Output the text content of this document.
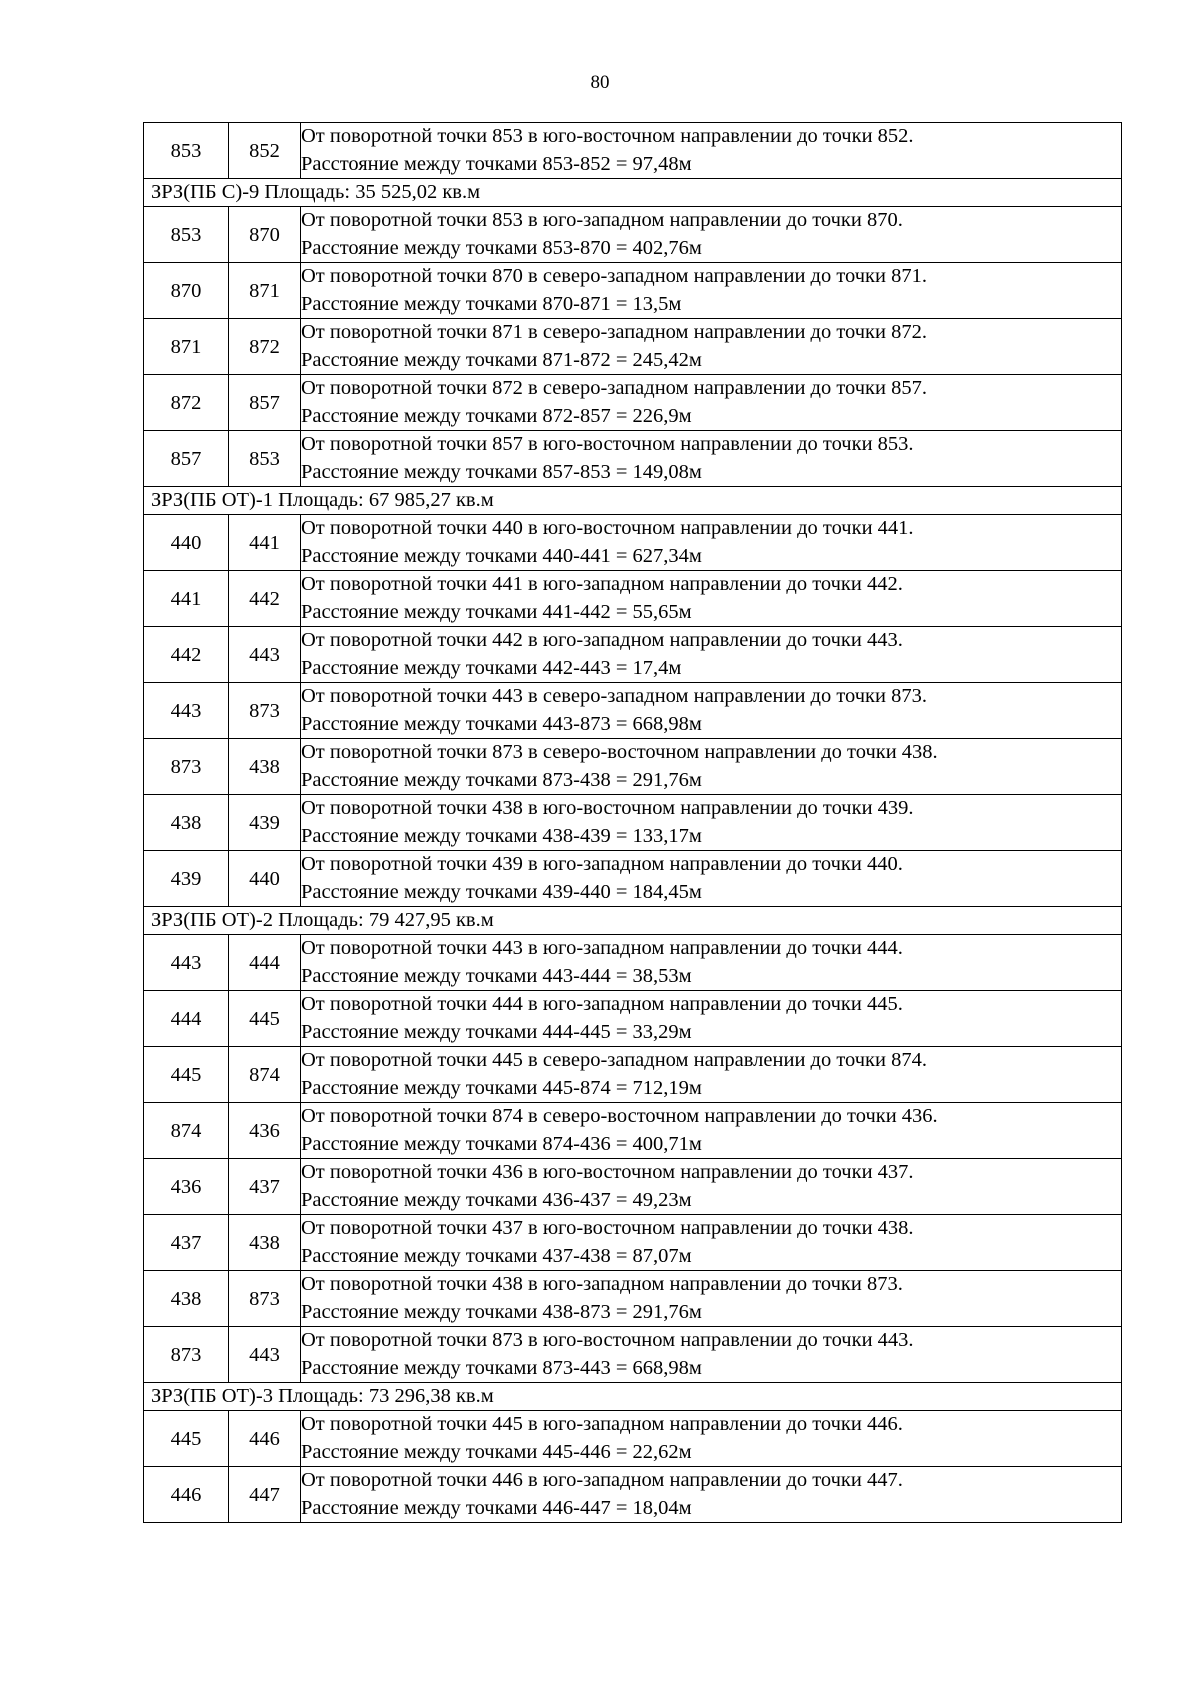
80
853	852	От поворотной точки 853 в юго-восточном направлении до точки 852.
Расстояние между точками 853-852 = 97,48м

ЗРЗ(ПБ С)-9 Площадь: 35 525,02 кв.м		
853	870	От поворотной точки 853 в юго-западном направлении до точки 870.
Расстояние между точками 853-870 = 402,76м

870	871	От поворотной точки 870 в северо-западном направлении до точки 871.
Расстояние между точками 870-871 = 13,5м

871	872	От поворотной точки 871 в северо-западном направлении до точки 872.
Расстояние между точками 871-872 = 245,42м

872	857	От поворотной точки 872 в северо-западном направлении до точки 857.
Расстояние между точками 872-857 = 226,9м

857	853	От поворотной точки 857 в юго-восточном направлении до точки 853.
Расстояние между точками 857-853 = 149,08м

ЗРЗ(ПБ ОТ)-1 Площадь: 67 985,27 кв.м		
440	441	От поворотной точки 440 в юго-восточном направлении до точки 441.
Расстояние между точками 440-441 = 627,34м

441	442	От поворотной точки 441 в юго-западном направлении до точки 442.
Расстояние между точками 441-442 = 55,65м

442	443	От поворотной точки 442 в юго-западном направлении до точки 443.
Расстояние между точками 442-443 = 17,4м

443	873	От поворотной точки 443 в северо-западном направлении до точки 873.
Расстояние между точками 443-873 = 668,98м

873	438	От поворотной точки 873 в северо-восточном направлении до точки 438.
Расстояние между точками 873-438 = 291,76м

438	439	От поворотной точки 438 в юго-восточном направлении до точки 439.
Расстояние между точками 438-439 = 133,17м

439	440	От поворотной точки 439 в юго-западном направлении до точки 440.
Расстояние между точками 439-440 = 184,45м

ЗРЗ(ПБ ОТ)-2 Площадь: 79 427,95 кв.м		
443	444	От поворотной точки 443 в юго-западном направлении до точки 444.
Расстояние между точками 443-444 = 38,53м

444	445	От поворотной точки 444 в юго-западном направлении до точки 445.
Расстояние между точками 444-445 = 33,29м

445	874	От поворотной точки 445 в северо-западном направлении до точки 874.
Расстояние между точками 445-874 = 712,19м

874	436	От поворотной точки 874 в северо-восточном направлении до точки 436.
Расстояние между точками 874-436 = 400,71м

436	437	От поворотной точки 436 в юго-восточном направлении до точки 437.
Расстояние между точками 436-437 = 49,23м

437	438	От поворотной точки 437 в юго-восточном направлении до точки 438.
Расстояние между точками 437-438 = 87,07м

438	873	От поворотной точки 438 в юго-западном направлении до точки 873.
Расстояние между точками 438-873 = 291,76м

873	443	От поворотной точки 873 в юго-восточном направлении до точки 443.
Расстояние между точками 873-443 = 668,98м

ЗРЗ(ПБ ОТ)-3 Площадь: 73 296,38 кв.м		
445	446	От поворотной точки 445 в юго-западном направлении до точки 446.
Расстояние между точками 445-446 = 22,62м

446	447	От поворотной точки 446 в юго-западном направлении до точки 447.
Расстояние между точками 446-447 = 18,04м
